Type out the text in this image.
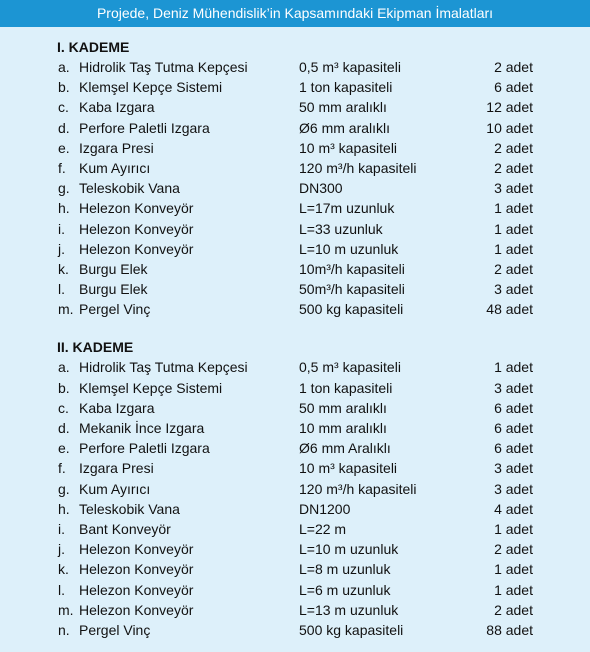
Projede, Deniz Mühendislik’in Kapsamındaki Ekipman İmalatları
I. KADEME
a. Hidrolik Taş Tutma Kepçesi	0,5 m³ kapasiteli	2 adet
b. Klemşel Kepçe Sistemi	1 ton kapasiteli	6 adet
c. Kaba Izgara	50 mm aralıklı	12 adet
d. Perfore Paletli Izgara	Ø6 mm aralıklı	10 adet
e. Izgara Presi	10 m³ kapasiteli	2 adet
f. Kum Ayırıcı	120 m³/h kapasiteli	2 adet
g. Teleskobik Vana	DN300	3 adet
h. Helezon Konveyör	L=17m uzunluk	1 adet
i. Helezon Konveyör	L=33 uzunluk	1 adet
j. Helezon Konveyör	L=10 m uzunluk	1 adet
k. Burgu Elek	10m³/h kapasiteli	2 adet
l. Burgu Elek	50m³/h kapasiteli	3 adet
m. Pergel Vinç	500 kg kapasiteli	48 adet
II. KADEME
a. Hidrolik Taş Tutma Kepçesi	0,5 m³ kapasiteli	1 adet
b. Klemşel Kepçe Sistemi	1 ton kapasiteli	3 adet
c. Kaba Izgara	50 mm aralıklı	6 adet
d. Mekanik İnce Izgara	10 mm aralıklı	6 adet
e. Perfore Paletli Izgara	Ø6 mm Aralıklı	6 adet
f. Izgara Presi	10 m³ kapasiteli	3 adet
g. Kum Ayırıcı	120 m³/h kapasiteli	3 adet
h. Teleskobik Vana	DN1200	4 adet
i. Bant Konveyör	L=22 m	1 adet
j. Helezon Konveyör	L=10 m uzunluk	2 adet
k. Helezon Konveyör	L=8 m uzunluk	1 adet
l. Helezon Konveyör	L=6 m uzunluk	1 adet
m. Helezon Konveyör	L=13 m uzunluk	2 adet
n. Pergel Vinç	500 kg kapasiteli	88 adet
